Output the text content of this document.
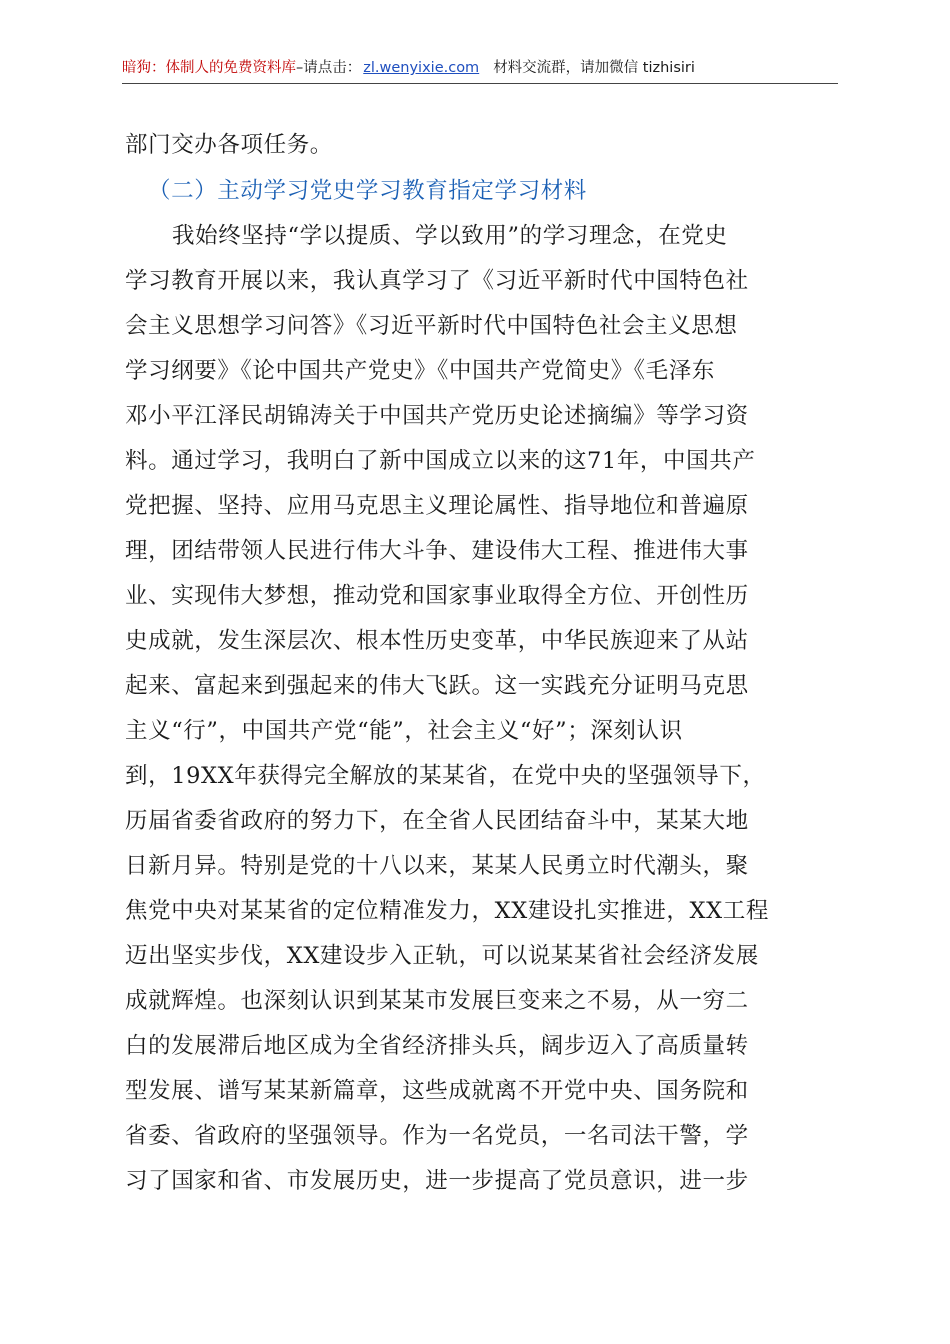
暗狗：体制人的免费资料库–请点击： zl.wenyixie.com 材料交流群，请加微信 tizhisiri
部门交办各项任务。
（二）主动学习党史学习教育指定学习材料
我始终坚持“学以提质、学以致用”的学习理念，在党史
学习教育开展以来，我认真学习了《习近平新时代中国特色社
会主义思想学习问答》《习近平新时代中国特色社会主义思想
学习纲要》《论中国共产党史》《中国共产党简史》《毛泽东
邓小平江泽民胡锦涛关于中国共产党历史论述摘编》等学习资
料。通过学习，我明白了新中国成立以来的这71年，中国共产
党把握、坚持、应用马克思主义理论属性、指导地位和普遍原
理，团结带领人民进行伟大斗争、建设伟大工程、推进伟大事
业、实现伟大梦想，推动党和国家事业取得全方位、开创性历
史成就，发生深层次、根本性历史变革，中华民族迎来了从站
起来、富起来到强起来的伟大飞跃。这一实践充分证明马克思
主义“行”，中国共产党“能”，社会主义“好”；深刻认识
到，19XX年获得完全解放的某某省，在党中央的坚强领导下，
历届省委省政府的努力下，在全省人民团结奋斗中，某某大地
日新月异。特别是党的十八以来，某某人民勇立时代潮头，聚
焦党中央对某某省的定位精准发力，XX建设扎实推进，XX工程
迈出坚实步伐，XX建设步入正轨，可以说某某省社会经济发展
成就辉煌。也深刻认识到某某市发展巨变来之不易，从一穷二
白的发展滞后地区成为全省经济排头兵，阔步迈入了高质量转
型发展、谱写某某新篇章，这些成就离不开党中央、国务院和
省委、省政府的坚强领导。作为一名党员，一名司法干警，学
习了国家和省、市发展历史，进一步提高了党员意识，进一步
